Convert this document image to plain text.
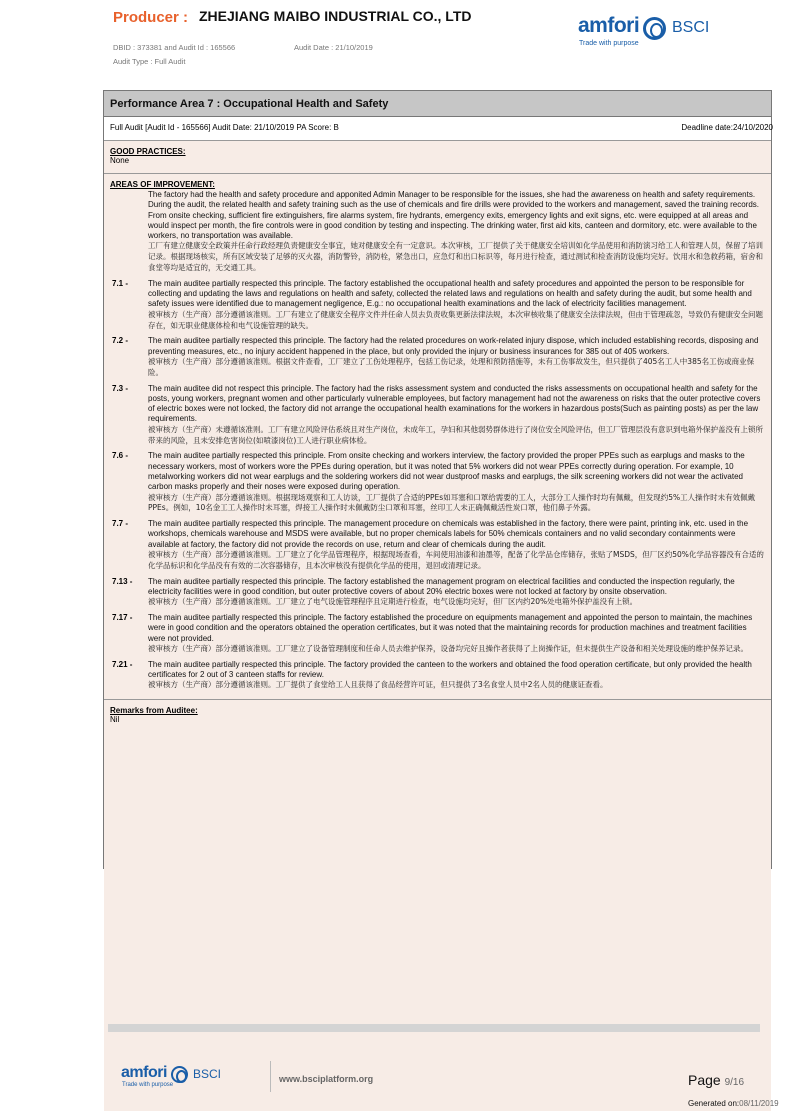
Producer : ZHEJIANG MAIBO INDUSTRIAL CO., LTD
DBID : 373381 and Audit Id : 165566	Audit Date : 21/10/2019
Audit Type : Full Audit
amfori BSCI
Trade with purpose
Performance Area 7 : Occupational Health and Safety
Full Audit [Audit Id - 165566] Audit Date: 21/10/2019 PA Score: B	Deadline date:24/10/2020
GOOD PRACTICES:
None
AREAS OF IMPROVEMENT:
The factory had the health and safety procedure and apponited Admin Manager to be responsible for the issues, she had the awareness on health and safety requirements. During the audit, the related health and safety training such as the use of chemicals and fire drills were provided to the workers and management, saved the training records. From onsite checking, sufficient fire extinguishers, fire alarms system, fire hydrants, emergency exits, emergency lights and exit signs, etc. were equipped at all areas and would inspect per month, the fire controls were in good condition by testing and inspecting. The drinking water, first aid kits, canteen and dormitory, etc. were available to the workers, no transportation was available.
工厂有建立健康安全政策并任命行政经理负责健康安全事宜，她对健康安全有一定意识。本次审核，工厂提供了关于健康安全培训如化学品使用和消防演习给工人和管理人员，保留了培训记录。根据现场核实，所有区域安装了足够的灭火器，消防警铃，消防栓，紧急出口，应急灯和出口标识等，每月进行检查，通过测试和检查消防设施均完好。饮用水和急救药箱，宿舍和食堂等均是适宜的，无交通工具。
7.1 -	The main auditee partially respected this principle. The factory established the occupational health and safety procedures and appointed the person to be responsible for collecting and updating the laws and regulations on health and safety, collected the related laws and regulations on health and safety during the audit, but some health and safety issues were identified due to management negligence, E.g.: no occupational health examinations and the lack of electricity facilities management.
被审核方（生产商）部分遵循该准则。工厂有建立了健康安全程序文件并任命人员去负责收集更新法律法规，本次审核收集了健康安全法律法规，但由于管理疏忽，导致仍有健康安全问题存在，如无职业健康体检和电气设施管理的缺失。
7.2 -	The main auditee partially respected this principle. The factory had the related procedures on work-related injury dispose, which included establishing records, disposing and preventing measures, etc., no injury accident happened in the place, but only provided the injury or business insurances for 385 out of 405 workers.
被审核方（生产商）部分遵循该准则。根据文件查看，工厂建立了工伤处理程序，包括工伤记录，处理和预防措施等，未有工伤事故发生，但只提供了405名工人中385名工伤或商业保险。
7.3 -	The main auditee did not respect this principle. The factory had the risks assessment system and conducted the risks assessments on occupational health and safety for the posts, young workers, pregnant women and other particularly vulnerable employees, but factory management had not the awareness on risks that the outer protective covers of electric boxes were not locked, the factory did not arrange the occupational health examinations for the workers in hazardous posts(Such as painting posts) as per the law requirements.
被审核方（生产商）未遵循该准则。工厂有建立风险评估系统且对生产岗位，未成年工，孕妇和其他弱势群体进行了岗位安全风险评估，但工厂管理层没有意识到电箱外保护盖没有上锁所带来的风险，且未安排危害岗位(如喷漆岗位)工人进行职业病体检。
7.6 -	The main auditee partially respected this principle. From onsite checking and workers interview, the factory provided the proper PPEs such as earplugs and masks to the necessary workers, most of workers wore the PPEs during operation, but it was noted that 5% workers did not wear PPEs correctly during operation. For example, 10 metalworking workers did not wear earplugs and the soldering workers did not wear dustproof masks and earplugs, the silk screening workers did not wear the activated carbon masks properly and their noses were exposed during operation.
被审核方（生产商）部分遵循该准则。根据现场观察和工人访谈，工厂提供了合适的PPEs如耳塞和口罩给需要的工人，大部分工人操作时均有佩戴，但发现约5%工人操作时未有效佩戴PPEs。例如，10名金工工人操作时未耳塞，焊接工人操作时未佩戴防尘口罩和耳塞，丝印工人未正确佩戴活性炭口罩，他们鼻子外露。
7.7 -	The main auditee partially respected this principle. The management procedure on chemicals was established in the factory, there were paint, printing ink, etc. used in the workshops, chemicals warehouse and MSDS were available, but no proper chemicals labels for 50% chemicals containers and no valid secondary containments were available at factory, the factory did not provide the records on use, return and clear of chemicals during the audit.
被审核方（生产商）部分遵循该准则。工厂建立了化学品管理程序，根据现场查看，车间使用油漆和油墨等，配备了化学品仓库储存，张贴了MSDS，但厂区约50%化学品容器没有合适的化学品标识和化学品没有有效的二次容器储存，且本次审核没有提供化学品的使用，退回或清理记录。
7.13 -	The main auditee partially respected this principle. The factory established the management program on electrical facilities and conducted the inspection regularly, the electricity facilities were in good condition, but outer protective covers of about 20% electric boxes were not locked at factory by onsite observation.
被审核方（生产商）部分遵循该准则。工厂建立了电气设施管理程序且定期进行检查，电气设施均完好，但厂区内约20%处电箱外保护盖没有上锁。
7.17 -	The main auditee partially respected this principle. The factory established the procedure on equipments management and appointed the person to maintain, the machines were in good condition and the operators obtained the operation certificates, but it was noted that the maintaining records for production machines and treatment facilities were not provided.
被审核方（生产商）部分遵循该准则。工厂建立了设备管理制度和任命人员去维护保养，设备均完好且操作者获得了上岗操作证，但未提供生产设备和相关处理设施的维护保养记录。
7.21 -	The main auditee partially respected this principle. The factory provided the canteen to the workers and obtained the food operation certificate, but only provided the health certificates for 2 out of 3 canteen staffs for review.
被审核方（生产商）部分遵循该准则。工厂提供了食堂给工人且获得了食品经营许可证，但只提供了3名食堂人员中2名人员的健康证查看。
Remarks from Auditee:
Nil
amfori BSCI
Trade with purpose
www.bsciplatform.org	Page 9/16
Generated on:08/11/2019
